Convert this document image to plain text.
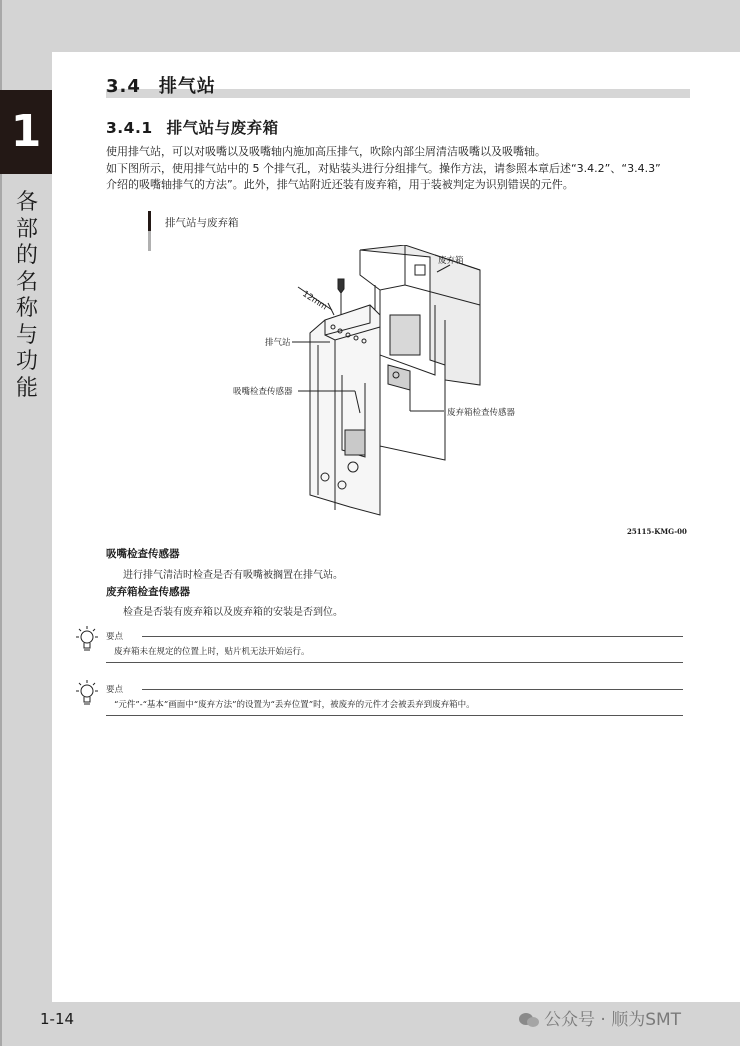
1
各
部
的
名
称
与
功
能
3.4 排气站
3.4.1 排气站与废弃箱
使用排气站，可以对吸嘴以及吸嘴轴内施加高压排气，吹除内部尘屑清洁吸嘴以及吸嘴轴。
如下图所示，使用排气站中的 5 个排气孔，对贴装头进行分组排气。操作方法，请参照本章后述“3.4.2”、“3.4.3”
介绍的吸嘴轴排气的方法”。此外，排气站附近还装有废弃箱，用于装被判定为识别错误的元件。
排气站与废弃箱
废弃箱
12mm
排气站
吸嘴检查传感器
废弃箱检查传感器
25115-KMG-00
吸嘴检查传感器
进行排气清洁时检查是否有吸嘴被搁置在排气站。
废弃箱检查传感器
检查是否装有废弃箱以及废弃箱的安装是否到位。
要点
废弃箱未在规定的位置上时，贴片机无法开始运行。
要点
“元件”-“基本”画面中“废弃方法”的设置为“丢弃位置”时，被废弃的元件才会被丢弃到废弃箱中。
1-14	公众号 · 顺为SMT
